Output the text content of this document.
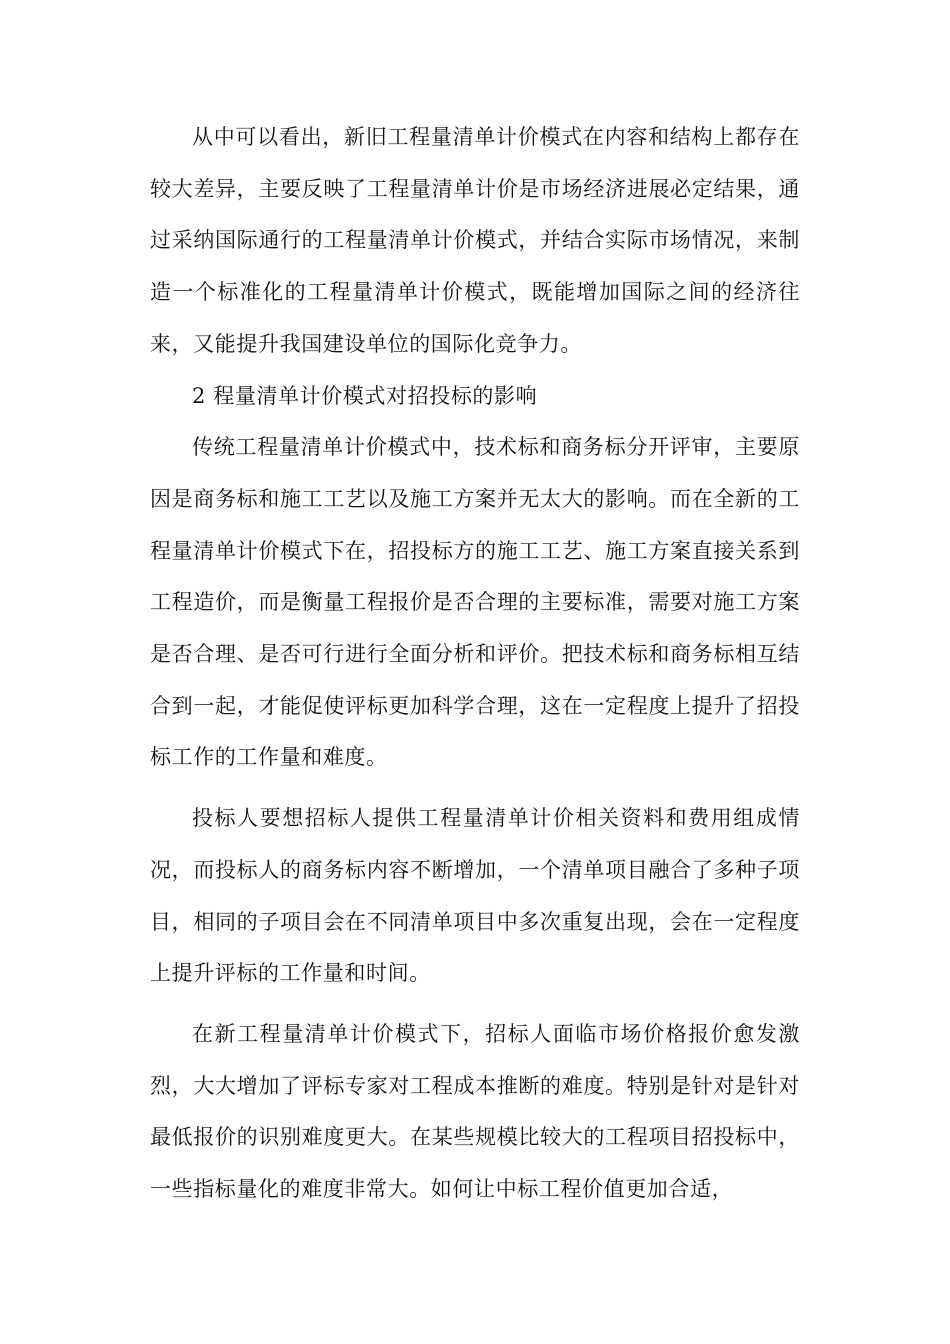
从中可以看出，新旧工程量清单计价模式在内容和结构上都存在较大差异，主要反映了工程量清单计价是市场经济进展必定结果，通过采纳国际通行的工程量清单计价模式，并结合实际市场情况，来制造一个标准化的工程量清单计价模式，既能增加国际之间的经济往来，又能提升我国建设单位的国际化竞争力。

2 程量清单计价模式对招投标的影响

传统工程量清单计价模式中，技术标和商务标分开评审，主要原因是商务标和施工工艺以及施工方案并无太大的影响。而在全新的工程量清单计价模式下在，招投标方的施工工艺、施工方案直接关系到工程造价，而是衡量工程报价是否合理的主要标准，需要对施工方案是否合理、是否可行进行全面分析和评价。把技术标和商务标相互结合到一起，才能促使评标更加科学合理，这在一定程度上提升了招投标工作的工作量和难度。

投标人要想招标人提供工程量清单计价相关资料和费用组成情况，而投标人的商务标内容不断增加，一个清单项目融合了多种子项目，相同的子项目会在不同清单项目中多次重复出现，会在一定程度上提升评标的工作量和时间。

在新工程量清单计价模式下，招标人面临市场价格报价愈发激烈，大大增加了评标专家对工程成本推断的难度。特别是针对是针对最低报价的识别难度更大。在某些规模比较大的工程项目招投标中，一些指标量化的难度非常大。如何让中标工程价值更加合适，
